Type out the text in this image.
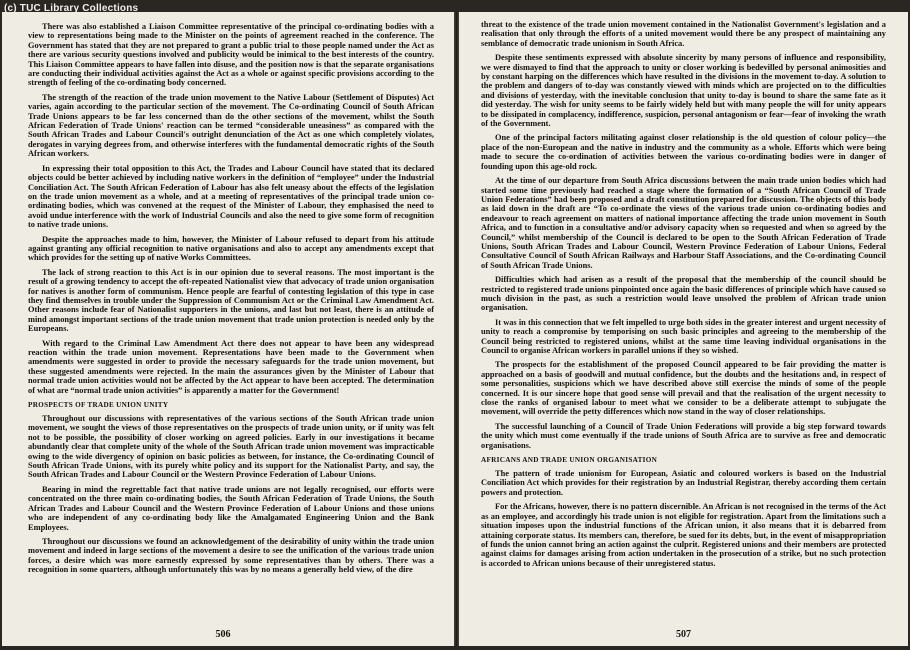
(c) TUC Library Collections

There was also established a Liaison Committee representative of the principal co-ordinating bodies with a view to representations being made to the Minister on the points of agreement reached in the conference. The Government has stated that they are not prepared to grant a public trial to those people named under the Act as there are various security questions involved and publicity would be inimical to the best interests of the country. This Liaison Committee appears to have fallen into disuse, and the position now is that the separate organisations are conducting their individual activities against the Act as a whole or against specific provisions according to the strength of feeling of the co-ordinating body concerned.

The strength of the reaction of the trade union movement to the Native Labour (Settlement of Disputes) Act varies, again according to the particular section of the movement. The Co-ordinating Council of South African Trade Unions appears to be far less concerned than do the other sections of the movement, whilst the South African Federation of Trade Unions' reaction can be termed “considerable uneasiness” as compared with the South African Trades and Labour Council's outright denunciation of the Act as one which completely violates, derogates in varying degrees from, and otherwise interferes with the fundamental democratic rights of the South African workers.

In expressing their total opposition to this Act, the Trades and Labour Council have stated that its declared objects could be better achieved by including native workers in the definition of “employee” under the Industrial Conciliation Act. The South African Federation of Labour has also felt uneasy about the effects of the legislation on the trade union movement as a whole, and at a meeting of representatives of the principal trade union co-ordinating bodies, which was convened at the request of the Minister of Labour, they emphasised the need to avoid undue interference with the work of Industrial Councils and also the need to give some form of recognition to native trade unions.

Despite the approaches made to him, however, the Minister of Labour refused to depart from his attitude against granting any official recognition to native organisations and also to accept any amendments except that which provides for the setting up of native Works Committees.

The lack of strong reaction to this Act is in our opinion due to several reasons. The most important is the result of a growing tendency to accept the oft-repeated Nationalist view that advocacy of trade union organisation for natives is another form of communism. Hence people are fearful of contesting legislation of this type in case they find themselves in trouble under the Suppression of Communism Act or the Criminal Law Amendment Act. Other reasons include fear of Nationalist supporters in the unions, and last but not least, there is an attitude of mind amongst important sections of the trade union movement that trade union protection is needed only by the Europeans.

With regard to the Criminal Law Amendment Act there does not appear to have been any widespread reaction within the trade union movement. Representations have been made to the Government when amendments were suggested in order to provide the necessary safeguards for the trade union movement, but these suggested amendments were rejected. In the main the assurances given by the Minister of Labour that normal trade union activities would not be affected by the Act appear to have been accepted. The determination of what are “normal trade union activities” is apparently a matter for the Government!

PROSPECTS OF TRADE UNION UNITY

Throughout our discussions with representatives of the various sections of the South African trade union movement, we sought the views of those representatives on the prospects of trade union unity, or if unity was felt not to be possible, the possibility of closer working on agreed policies. Early in our investigations it became abundantly clear that complete unity of the whole of the South African trade union movement was impracticable owing to the wide divergency of opinion on basic policies as between, for instance, the Co-ordinating Council of South African Trade Unions, with its purely white policy and its support for the Nationalist Party, and say, the South African Trades and Labour Council or the Western Province Federation of Labour Unions.

Bearing in mind the regrettable fact that native trade unions are not legally recognised, our efforts were concentrated on the three main co-ordinating bodies, the South African Federation of Trade Unions, the South African Trades and Labour Council and the Western Province Federation of Labour Unions and those unions who are independent of any co-ordinating body like the Amalgamated Engineering Union and the Bank Employees.

Throughout our discussions we found an acknowledgement of the desirability of unity within the trade union movement and indeed in large sections of the movement a desire to see the unification of the various trade union forces, a desire which was more earnestly expressed by some representatives than by others. There was a recognition in some quarters, although unfortunately this was by no means a generally held view, of the dire

506

threat to the existence of the trade union movement contained in the Nationalist Government's legislation and a realisation that only through the efforts of a united movement would there be any prospect of maintaining any semblance of democratic trade unionism in South Africa.

Despite these sentiments expressed with absolute sincerity by many persons of influence and responsibility, we were dismayed to find that the approach to unity or closer working is bedevilled by personal animosities and by constant harping on the differences which have resulted in the divisions in the movement to-day. A solution to the problem and dangers of to-day was constantly viewed with minds which are projected on to the difficulties and divisions of yesterday, with the inevitable conclusion that unity to-day is bound to share the same fate as it did yesterday. The wish for unity seems to be fairly widely held but with many people the will for unity appears to be dissipated in complacency, indifference, suspicion, personal antagonism or fear—fear of invoking the wrath of the Government.

One of the principal factors militating against closer relationship is the old question of colour policy—the place of the non-European and the native in industry and the community as a whole. Efforts which were being made to secure the co-ordination of activities between the various co-ordinating bodies were in danger of founding upon this age-old rock.

At the time of our departure from South Africa discussions between the main trade union bodies which had started some time previously had reached a stage where the formation of a “South African Council of Trade Union Federations” had been proposed and a draft constitution prepared for discussion. The objects of this body as laid down in the draft are “To co-ordinate the views of the various trade union co-ordinating bodies and endeavour to reach agreement on matters of national importance affecting the trade union movement in South Africa, and to function in a consultative and/or advisory capacity when so requested and when so agreed by the Council,” whilst membership of the Council is declared to be open to the South African Federation of Trade Unions, South African Trades and Labour Council, Western Province Federation of Labour Unions, Federal Consultative Council of South African Railways and Harbour Staff Associations, and the Co-ordinating Council of South African Trade Unions.

Difficulties which had arisen as a result of the proposal that the membership of the council should be restricted to registered trade unions pinpointed once again the basic differences of principle which have caused so much division in the past, as such a restriction would leave unsolved the problem of African trade union organisation.

It was in this connection that we felt impelled to urge both sides in the greater interest and urgent necessity of unity to reach a compromise by temporising on such basic principles and agreeing to the membership of the Council being restricted to registered unions, whilst at the same time leaving individual organisations in the Council to organise African workers in parallel unions if they so wished.

The prospects for the establishment of the proposed Council appeared to be fair providing the matter is approached on a basis of goodwill and mutual confidence, but the doubts and the hesitations and, in respect of some personalities, suspicions which we have described above still exercise the minds of some of the people concerned. It is our sincere hope that good sense will prevail and that the realisation of the urgent necessity to close the ranks of organised labour to meet what we consider to be a deliberate attempt to subjugate the movement, will override the petty differences which now stand in the way of closer relationships.

The successful launching of a Council of Trade Union Federations will provide a big step forward towards the unity which must come eventually if the trade unions of South Africa are to survive as free and democratic organisations.

AFRICANS AND TRADE UNION ORGANISATION

The pattern of trade unionism for European, Asiatic and coloured workers is based on the Industrial Conciliation Act which provides for their registration by an Industrial Registrar, thereby according them certain powers and protection.

For the Africans, however, there is no pattern discernible. An African is not recognised in the terms of the Act as an employee, and accordingly his trade union is not eligible for registration. Apart from the limitations such a situation imposes upon the industrial functions of the African union, it also means that it is debarred from attaining corporate status. Its members can, therefore, be sued for its debts, but, in the event of misappropriation of funds the union cannot bring an action against the culprit. Registered unions and their members are protected against claims for damages arising from action undertaken in the prosecution of a strike, but no such protection is accorded to African unions because of their unregistered status.

507
